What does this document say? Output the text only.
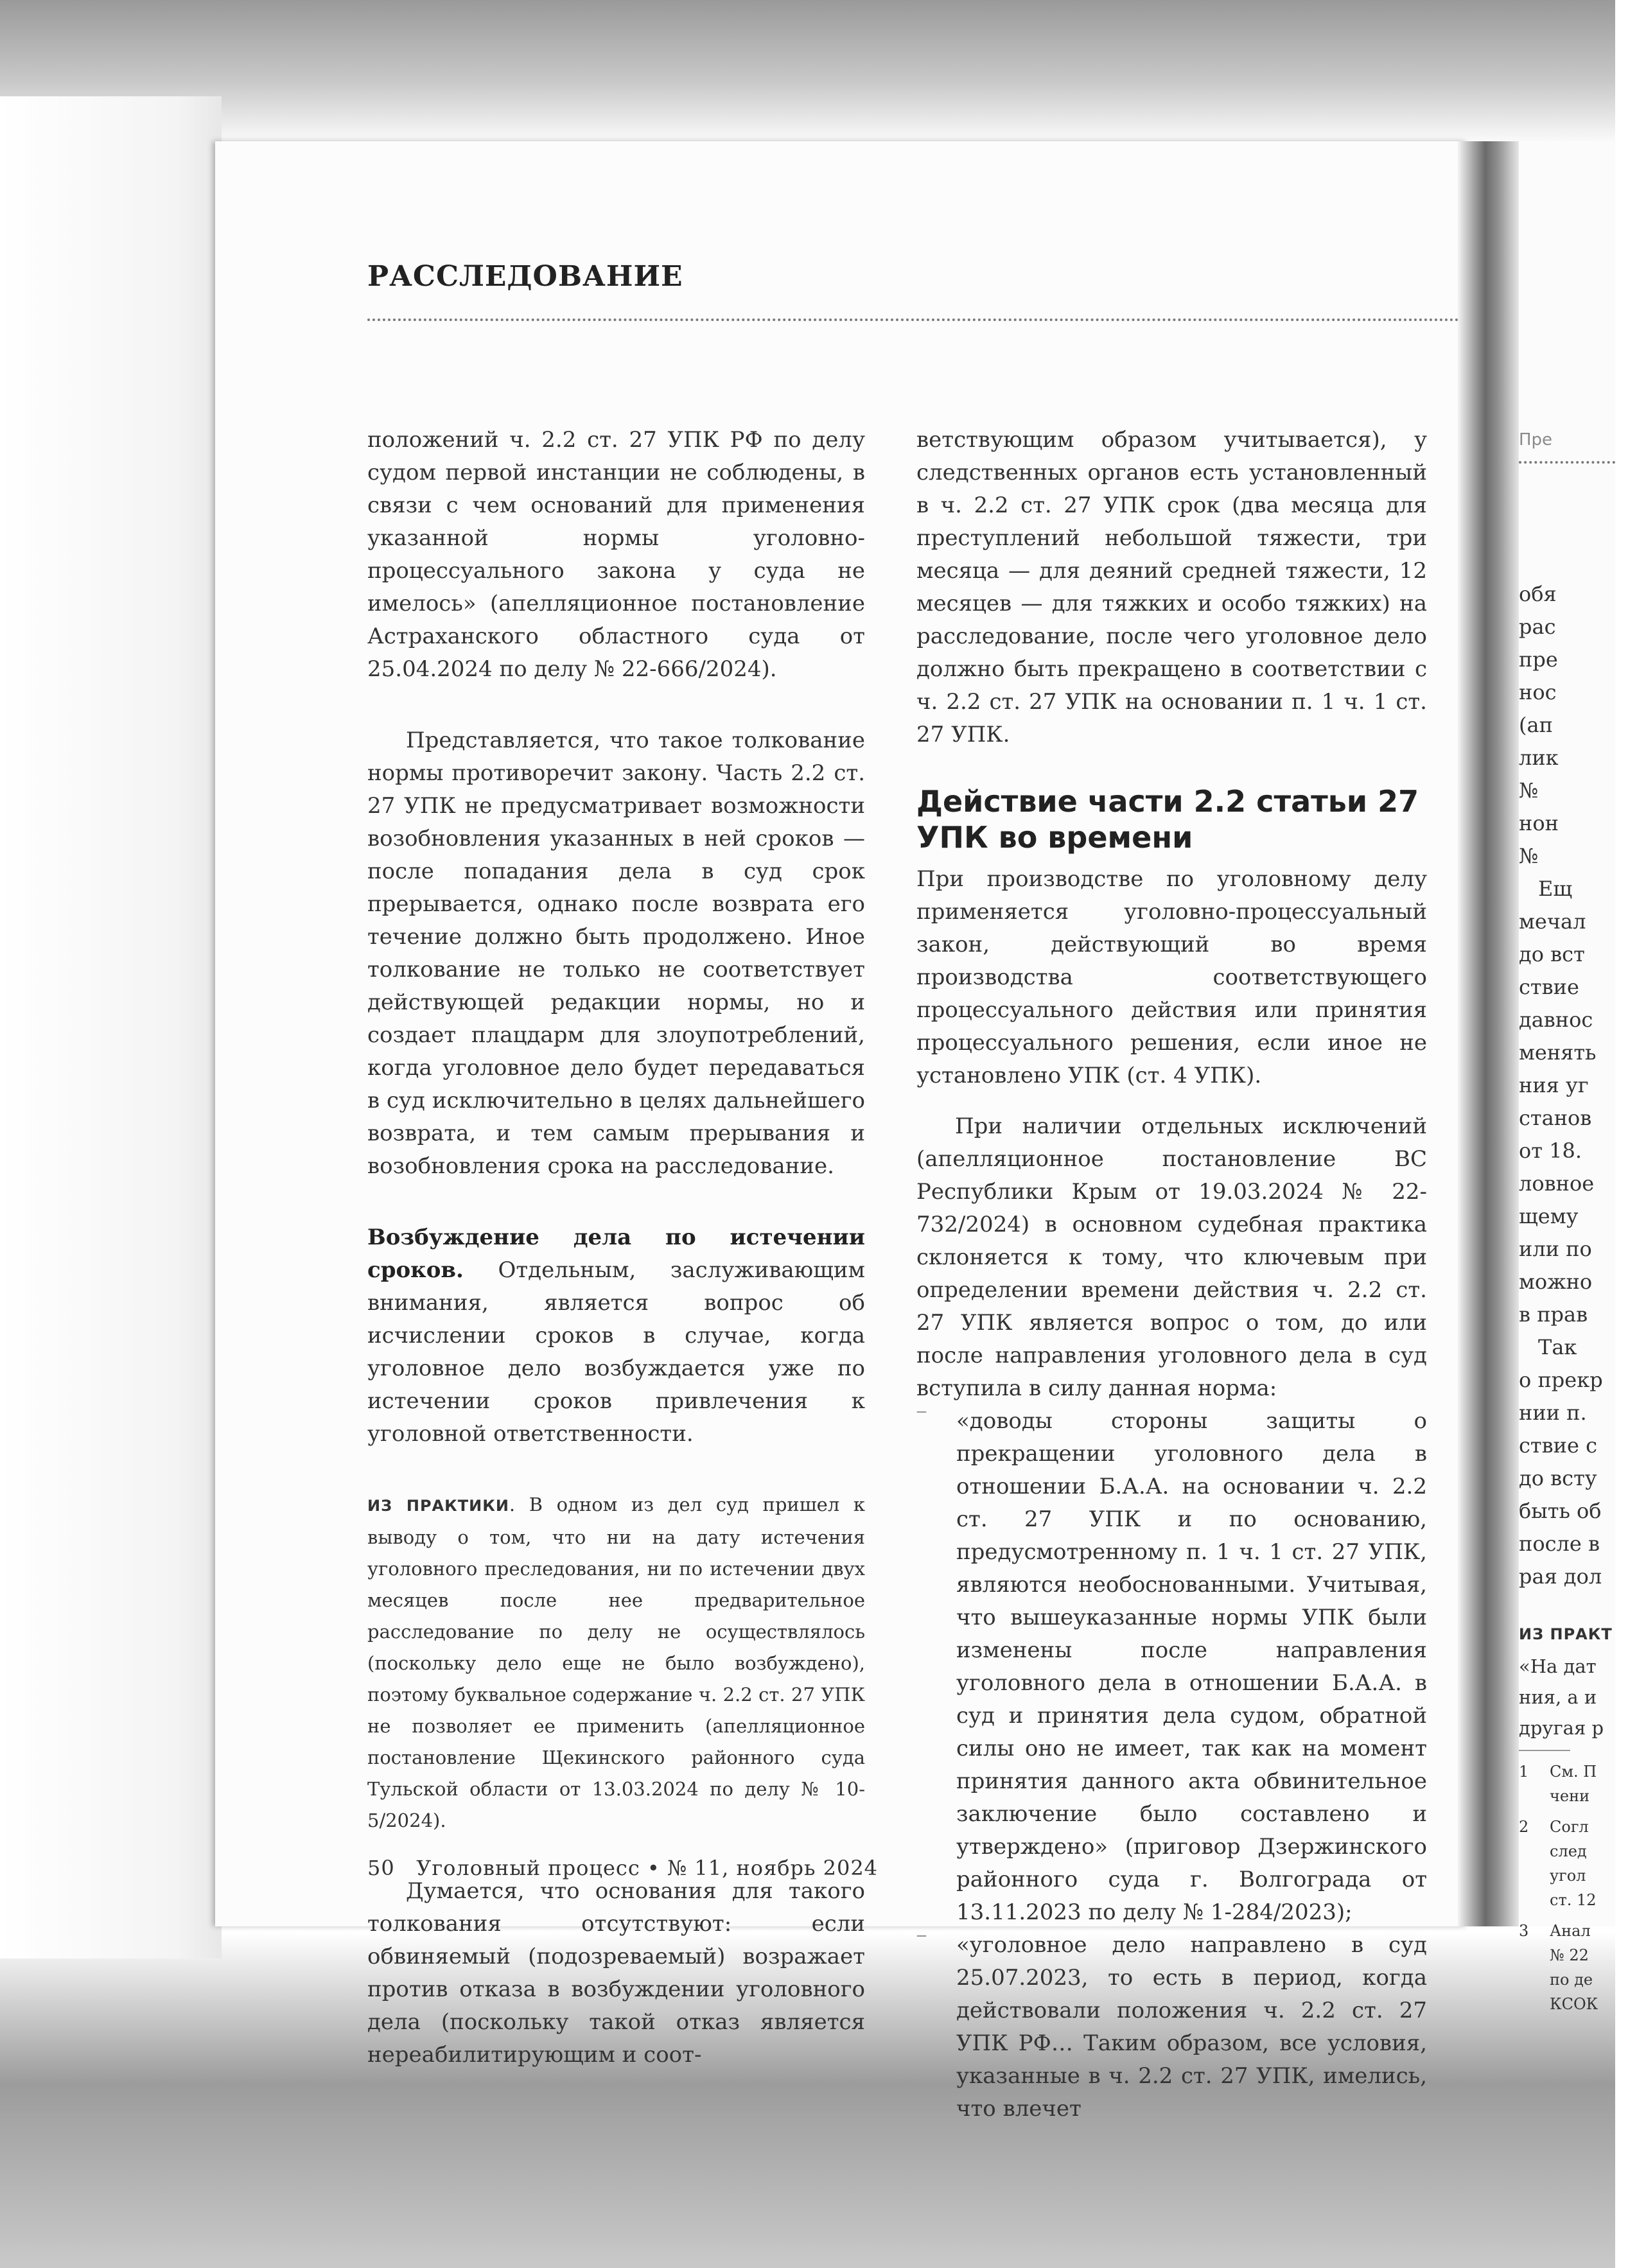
Пре
обя
рас
пре
нос
(ап
лик
№
нон
№
Ещ
мечал
до вст
ствие
давнос
менять
ния уг
станов
от 18.
ловное
щему
или по
можно
в прав
Так
о прекр
нии п.
ствие с
до всту
быть об
после в
рая дол
ИЗ ПРАКТ
«На дат
ния, а и
другая р
1	См. П
чени
2	Согл
след
угол
ст. 12
3	Анал
№ 22
по де
КСОК
РАССЛЕДОВАНИЕ

положений ч. 2.2 ст. 27 УПК РФ по делу судом первой инстанции не соблюдены, в связи с чем оснований для применения указанной нормы уголовно-процессуального закона у суда не имелось» (апелляционное постановление Астраханского областного суда от 25.04.2024 по делу № 22-666/2024).

Представляется, что такое толкование нормы противоречит закону. Часть 2.2 ст. 27 УПК не предусматривает возможности возобновления указанных в ней сроков — после попадания дела в суд срок прерывается, однако после возврата его течение должно быть продолжено. Иное толкование не только не соответствует действующей редакции нормы, но и создает плацдарм для злоупотреблений, когда уголовное дело будет передаваться в суд исключительно в целях дальнейшего возврата, и тем самым прерывания и возобновления срока на расследование.

Возбуждение дела по истечении сроков. Отдельным, заслуживающим внимания, является вопрос об исчислении сроков в случае, когда уголовное дело возбуждается уже по истечении сроков привлечения к уголовной ответственности.

ИЗ ПРАКТИКИ. В одном из дел суд пришел к выводу о том, что ни на дату истечения уголовного преследования, ни по истечении двух месяцев после нее предварительное расследование по делу не осуществлялось (поскольку дело еще не было возбуждено), поэтому буквальное содержание ч. 2.2 ст. 27 УПК не позволяет ее применить (апелляционное постановление Щекинского районного суда Тульской области от 13.03.2024 по делу № 10-5/2024).

Думается, что основания для такого толкования отсутствуют: если обвиняемый (подозреваемый) возражает против отказа в возбуждении уголовного дела (поскольку такой отказ является нереабилитирующим и соот-

ветствующим образом учитывается), у следственных органов есть установленный в ч. 2.2 ст. 27 УПК срок (два месяца для преступлений небольшой тяжести, три месяца — для деяний средней тяжести, 12 месяцев — для тяжких и особо тяжких) на расследование, после чего уголовное дело должно быть прекращено в соответствии с ч. 2.2 ст. 27 УПК на основании п. 1 ч. 1 ст. 27 УПК.

Действие части 2.2 статьи 27 УПК во времени

При производстве по уголовному делу применяется уголовно-процессуальный закон, действующий во время производства соответствующего процессуального действия или принятия процессуального решения, если иное не установлено УПК (ст. 4 УПК).

При наличии отдельных исключений (апелляционное постановление ВС Республики Крым от 19.03.2024 № 22-732/2024) в основном судебная практика склоняется к тому, что ключевым при определении времени действия ч. 2.2 ст. 27 УПК является вопрос о том, до или после направления уголовного дела в суд вступила в силу данная норма:

— «доводы стороны защиты о прекращении уголовного дела в отношении Б.А.А. на основании ч. 2.2 ст. 27 УПК и по основанию, предусмотренному п. 1 ч. 1 ст. 27 УПК, являются необоснованными. Учитывая, что вышеуказанные нормы УПК были изменены после направления уголовного дела в отношении Б.А.А. в суд и принятия дела судом, обратной силы оно не имеет, так как на момент принятия данного акта обвинительное заключение было составлено и утверждено» (приговор Дзержинского районного суда г. Волгограда от 13.11.2023 по делу № 1-284/2023);

— «уголовное дело направлено в суд 25.07.2023, то есть в период, когда действовали положения ч. 2.2 ст. 27 УПК РФ… Таким образом, все условия, указанные в ч. 2.2 ст. 27 УПК, имелись, что влечет

50 Уголовный процесс • № 11, ноябрь 2024
